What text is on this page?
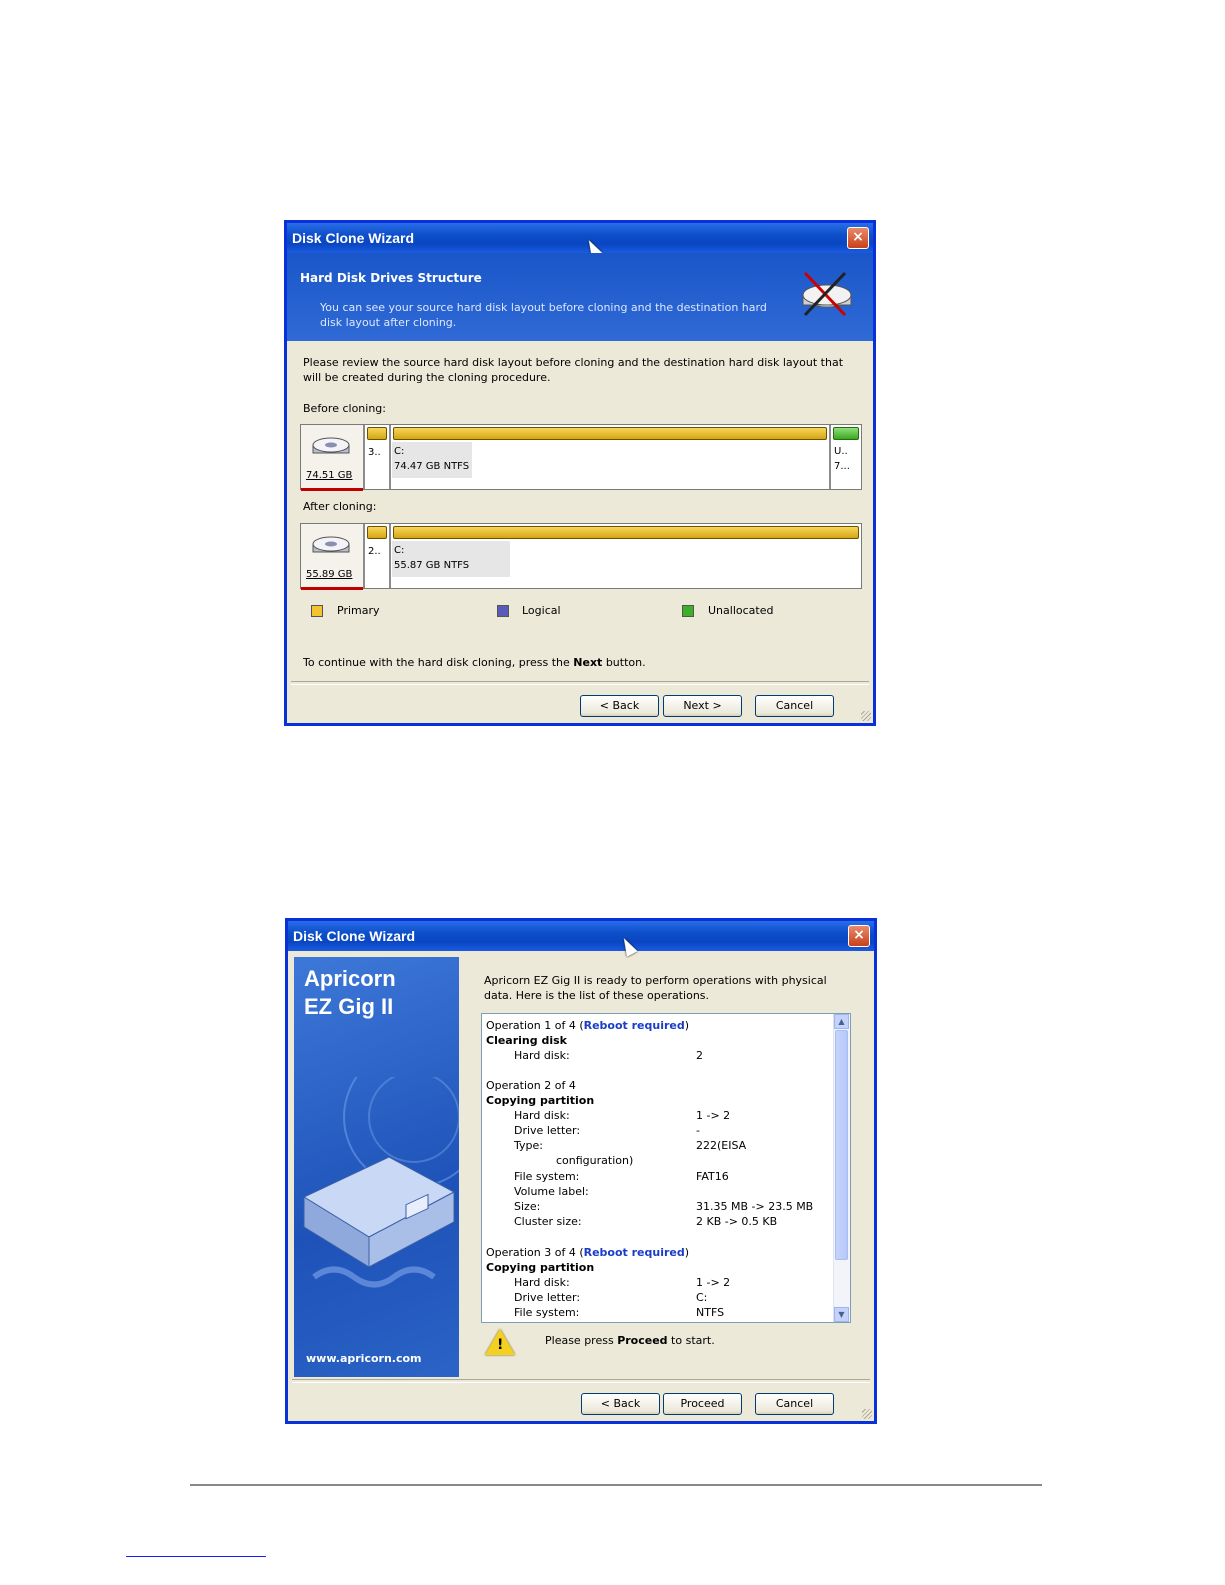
Disk Clone Wizard	×
Hard Disk Drives Structure
You can see your source hard disk layout before cloning and the destination hard disk layout after cloning.
Please review the source hard disk layout before cloning and the destination hard disk layout that will be created during the cloning procedure.
Before cloning:
74.51 GB
3.. C:
74.47 GB NTFS
U..
7...
After cloning:
55.89 GB
2.. C:
55.87 GB NTFS
Primary	Logical	Unallocated
To continue with the hard disk cloning, press the Next button.
< Back	Next >	Cancel
Disk Clone Wizard	×
Apricorn
EZ Gig II
www.apricorn.com
Apricorn EZ Gig II is ready to perform operations with physical data. Here is the list of these operations.
Operation 1 of 4 (Reboot required)
Clearing disk
Hard disk:	2
Operation 2 of 4
Copying partition
Hard disk:	1 -> 2
Drive letter:	-
Type:	222(EISA
configuration)
File system:	FAT16
Volume label:
Size:	31.35 MB -> 23.5 MB
Cluster size:	2 KB -> 0.5 KB
Operation 3 of 4 (Reboot required)
Copying partition
Hard disk:	1 -> 2
Drive letter:	C:
File system:	NTFS
▲
▼
!	Please press Proceed to start.
< Back	Proceed	Cancel
